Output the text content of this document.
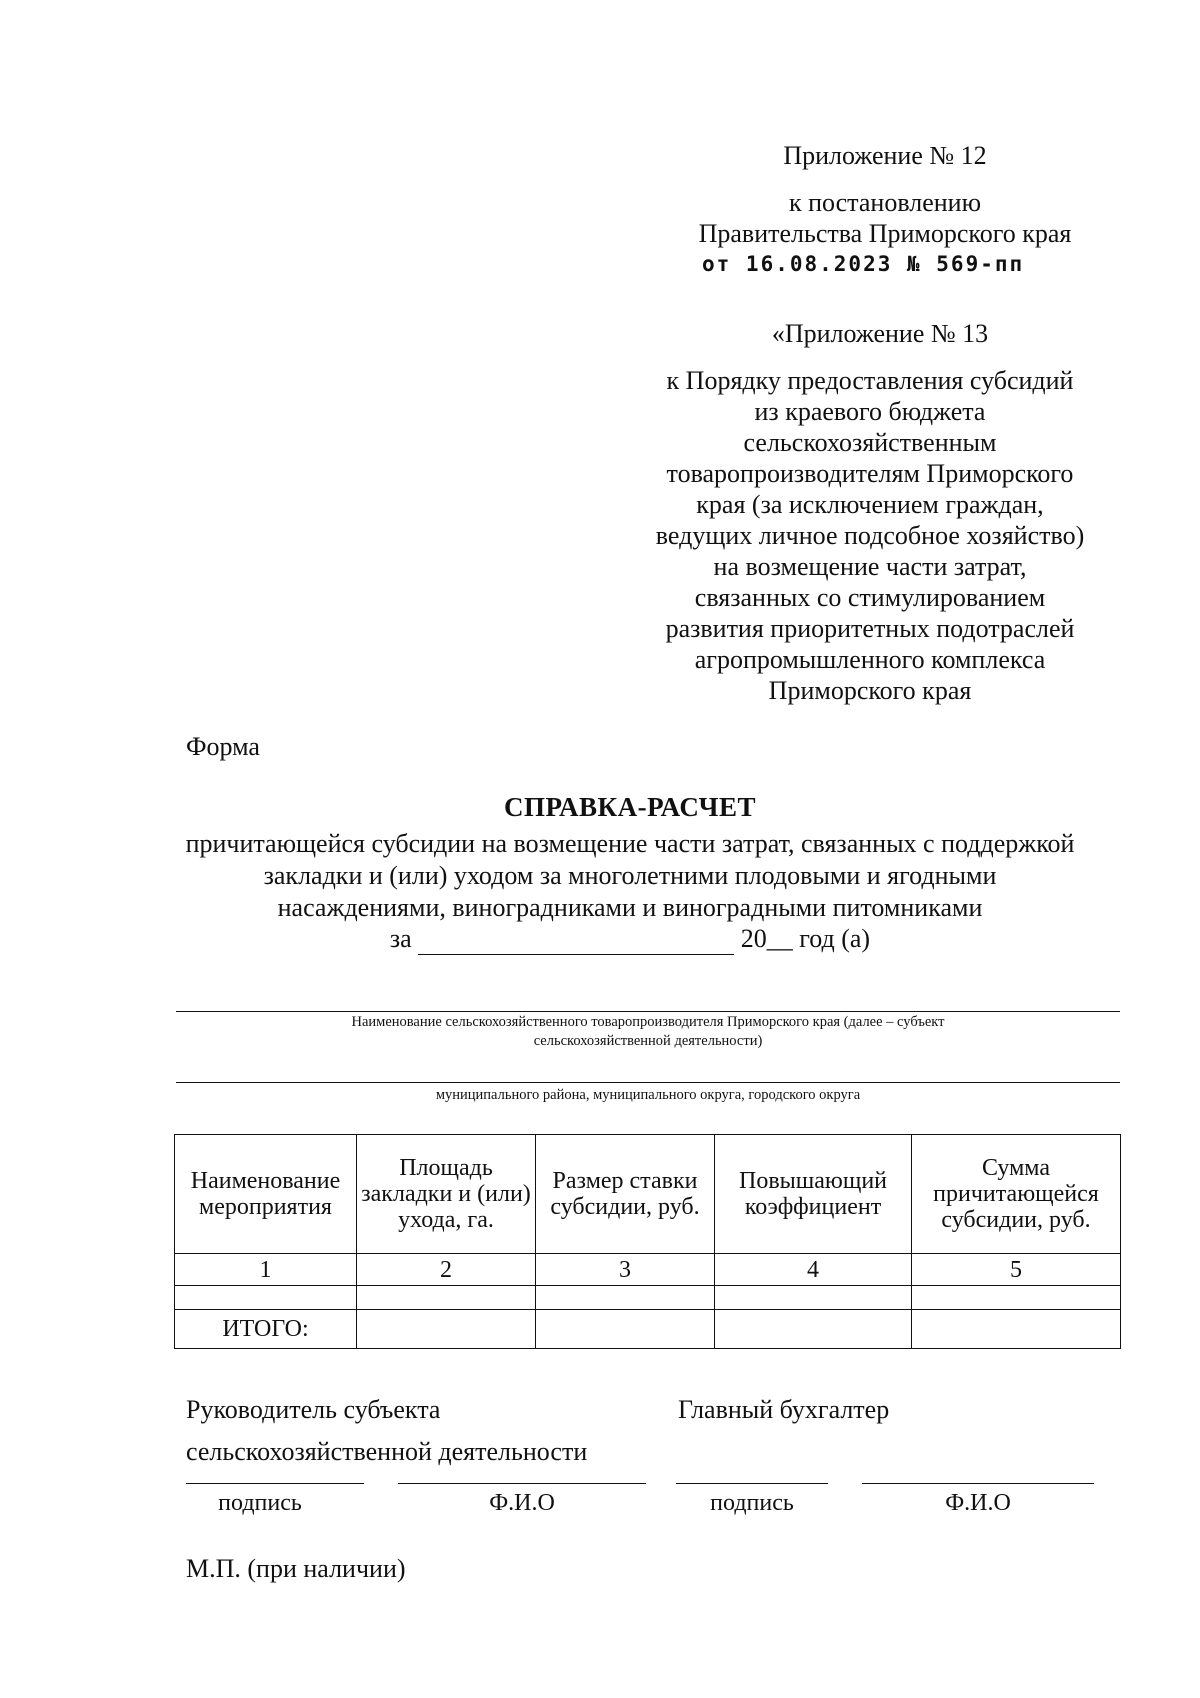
Приложение № 12
к постановлению
Правительства Приморского края
от 16.08.2023 № 569-пп
«Приложение № 13
к Порядку предоставления субсидий
из краевого бюджета
сельскохозяйственным
товаропроизводителям Приморского
края (за исключением граждан,
ведущих личное подсобное хозяйство)
на возмещение части затрат,
связанных со стимулированием
развития приоритетных подотраслей
агропромышленного комплекса
Приморского края
Форма
СПРАВКА-РАСЧЕТ
причитающейся субсидии на возмещение части затрат, связанных с поддержкой
закладки и (или) уходом за многолетними плодовыми и ягодными
насаждениями, виноградниками и виноградными питомниками
за	20__ год (а)
Наименование сельскохозяйственного товаропроизводителя Приморского края (далее – субъект
сельскохозяйственной деятельности)
муниципального района, муниципального округа, городского округа
Наименование мероприятия	Площадь закладки и (или) ухода, га.	Размер ставки субсидии, руб.	Повышающий коэффициент	Сумма причитающейся субсидии, руб.
1	2	3	4	5

ИТОГО:				
Руководитель субъекта
сельскохозяйственной деятельности
Главный бухгалтер
подпись	Ф.И.О	подпись	Ф.И.О
М.П. (при наличии)
